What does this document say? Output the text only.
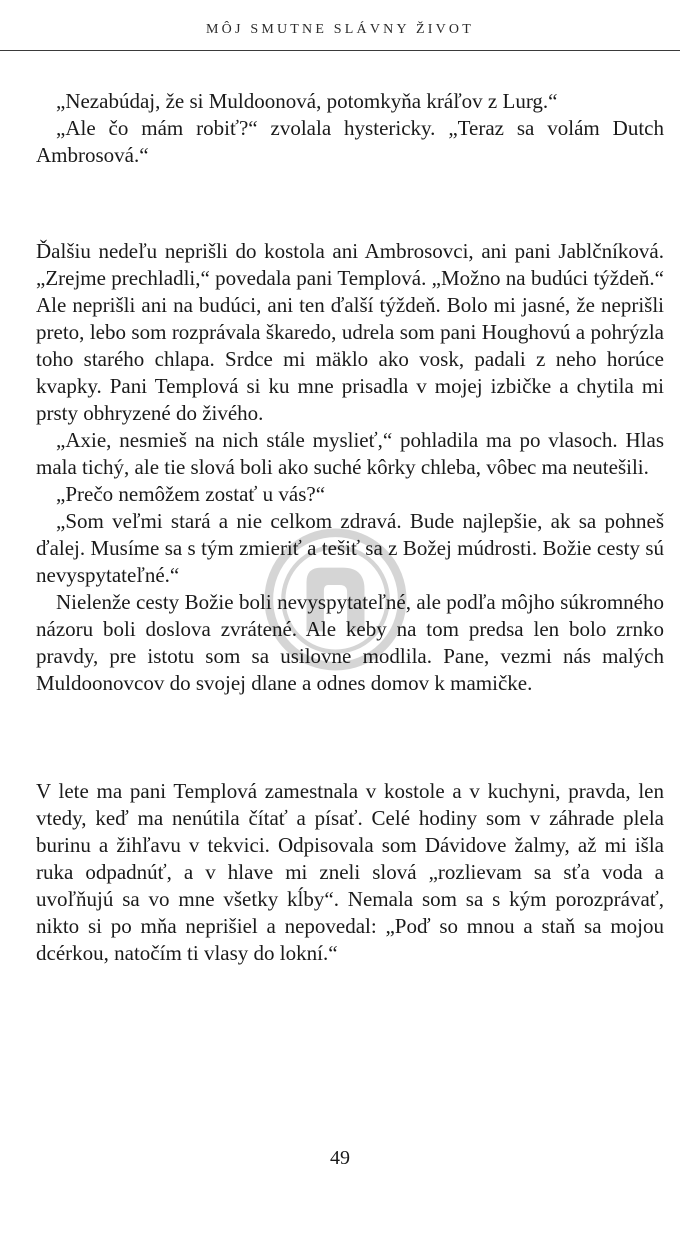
MÔJ SMUTNE SLÁVNY ŽIVOT

„Nezabúdaj, že si Muldoonová, potomkyňa kráľov z Lurg.“

„Ale čo mám robiť?“ zvolala hystericky. „Teraz sa volám Dutch Ambrosová.“

Ďalšiu nedeľu neprišli do kostola ani Ambrosovci, ani pani Jablčníková. „Zrejme prechladli,“ povedala pani Templová. „Možno na budúci týždeň.“ Ale neprišli ani na budúci, ani ten ďalší týždeň. Bolo mi jasné, že neprišli preto, lebo som rozprávala škaredo, udrela som pani Houghovú a pohrýzla toho starého chlapa. Srdce mi mäklo ako vosk, padali z neho horúce kvapky. Pani Templová si ku mne prisadla v mojej izbičke a chytila mi prsty obhryzené do živého.

„Axie, nesmieš na nich stále myslieť,“ pohladila ma po vlasoch. Hlas mala tichý, ale tie slová boli ako suché kôrky chleba, vôbec ma neutešili.

„Prečo nemôžem zostať u vás?“

„Som veľmi stará a nie celkom zdravá. Bude najlepšie, ak sa pohneš ďalej. Musíme sa s tým zmieriť a tešiť sa z Božej múdrosti. Božie cesty sú nevyspytateľné.“

Nielenže cesty Božie boli nevyspytateľné, ale podľa môjho súkromného názoru boli doslova zvrátené. Ale keby na tom predsa len bolo zrnko pravdy, pre istotu som sa usilovne modlila. Pane, vezmi nás malých Muldoonovcov do svojej dlane a odnes domov k mamičke.

V lete ma pani Templová zamestnala v kostole a v kuchyni, pravda, len vtedy, keď ma nenútila čítať a písať. Celé hodiny som v záhrade plela burinu a žihľavu v tekvici. Odpisovala som Dávidove žalmy, až mi išla ruka odpadnúť, a v hlave mi zneli slová „rozlievam sa sťa voda a uvoľňujú sa vo mne všetky kĺby“. Nemala som sa s kým porozprávať, nikto si po mňa neprišiel a nepovedal: „Poď so mnou a staň sa mojou dcérkou, natočím ti vlasy do lokní.“

49
